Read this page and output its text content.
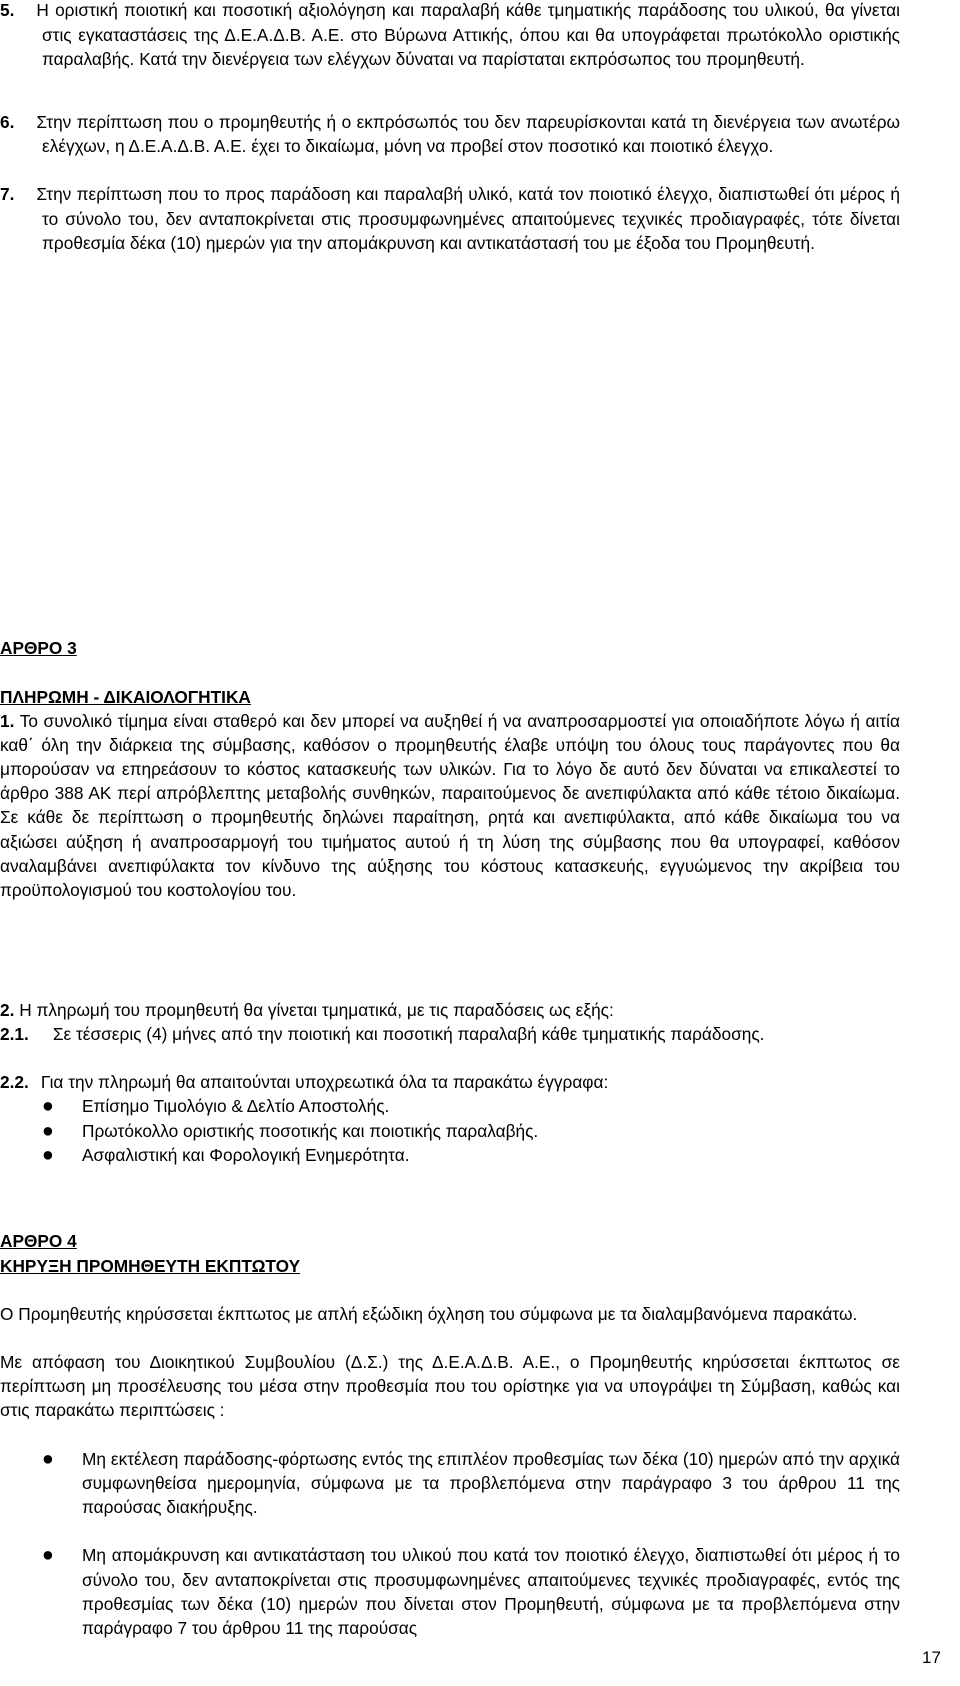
5. Η οριστική ποιοτική και ποσοτική αξιολόγηση και παραλαβή κάθε τμηματικής παράδοσης του υλικού, θα γίνεται στις εγκαταστάσεις της Δ.Ε.Α.Δ.Β. Α.Ε. στο Βύρωνα Αττικής, όπου και θα υπογράφεται πρωτόκολλο οριστικής παραλαβής. Κατά την διενέργεια των ελέγχων δύναται να παρίσταται εκπρόσωπος του προμηθευτή.

6. Στην περίπτωση που ο προμηθευτής ή ο εκπρόσωπός του δεν παρευρίσκονται κατά τη διενέργεια των ανωτέρω ελέγχων, η Δ.Ε.Α.Δ.Β. Α.Ε. έχει το δικαίωμα, μόνη να προβεί στον ποσοτικό και ποιοτικό έλεγχο.

7. Στην περίπτωση που το προς παράδοση και παραλαβή υλικό, κατά τον ποιοτικό έλεγχο, διαπιστωθεί ότι μέρος ή το σύνολο του, δεν ανταποκρίνεται στις προσυμφωνημένες απαιτούμενες τεχνικές προδιαγραφές, τότε δίνεται προθεσμία δέκα (10) ημερών για την απομάκρυνση και αντικατάστασή του με έξοδα του Προμηθευτή.

ΑΡΘΡΟ 3
ΠΛΗΡΩΜΗ - ΔΙΚΑΙΟΛΟΓΗΤΙΚΑ

1. Το συνολικό τίμημα είναι σταθερό και δεν μπορεί να αυξηθεί ή να αναπροσαρμοστεί για οποιαδήποτε λόγω ή αιτία καθ΄ όλη την διάρκεια της σύμβασης, καθόσον ο προμηθευτής έλαβε υπόψη του όλους τους παράγοντες που θα μπορούσαν να επηρεάσουν το κόστος κατασκευής των υλικών. Για το λόγο δε αυτό δεν δύναται να επικαλεστεί το άρθρο 388 ΑΚ περί απρόβλεπτης μεταβολής συνθηκών, παραιτούμενος δε ανεπιφύλακτα από κάθε τέτοιο δικαίωμα. Σε κάθε δε περίπτωση ο προμηθευτής δηλώνει παραίτηση, ρητά και ανεπιφύλακτα, από κάθε δικαίωμα του να αξιώσει αύξηση ή αναπροσαρμογή του τιμήματος αυτού ή τη λύση της σύμβασης που θα υπογραφεί, καθόσον αναλαμβάνει ανεπιφύλακτα τον κίνδυνο της αύξησης του κόστους κατασκευής, εγγυώμενος την ακρίβεια του προϋπολογισμού του κοστολογίου του.

2. Η πληρωμή του προμηθευτή θα γίνεται τμηματικά, με τις παραδόσεις ως εξής:

2.1. Σε τέσσερις (4) μήνες από την ποιοτική και ποσοτική παραλαβή κάθε τμηματικής παράδοσης.

2.2. Για την πληρωμή θα απαιτούνται υποχρεωτικά όλα τα παρακάτω έγγραφα:

● Επίσημο Τιμολόγιο & Δελτίο Αποστολής.

● Πρωτόκολλο οριστικής ποσοτικής και ποιοτικής παραλαβής.

● Ασφαλιστική και Φορολογική Ενημερότητα.

ΑΡΘΡΟ 4
ΚΗΡΥΞΗ ΠΡΟΜΗΘΕΥΤΗ ΕΚΠΤΩΤΟΥ

Ο Προμηθευτής κηρύσσεται έκπτωτος με απλή εξώδικη όχληση του σύμφωνα με τα διαλαμβανόμενα παρακάτω.

Με απόφαση του Διοικητικού Συμβουλίου (Δ.Σ.) της Δ.Ε.Α.Δ.Β. Α.Ε., ο Προμηθευτής κηρύσσεται έκπτωτος σε περίπτωση μη προσέλευσης του μέσα στην προθεσμία που του ορίστηκε για να υπογράψει τη Σύμβαση, καθώς και στις παρακάτω περιπτώσεις :

● Μη εκτέλεση παράδοσης-φόρτωσης εντός της επιπλέον προθεσμίας των δέκα (10) ημερών από την αρχικά συμφωνηθείσα ημερομηνία, σύμφωνα με τα προβλεπόμενα στην παράγραφο 3 του άρθρου 11 της παρούσας διακήρυξης.

● Μη απομάκρυνση και αντικατάσταση του υλικού που κατά τον ποιοτικό έλεγχο, διαπιστωθεί ότι μέρος ή το σύνολο του, δεν ανταποκρίνεται στις προσυμφωνημένες απαιτούμενες τεχνικές προδιαγραφές, εντός της προθεσμίας των δέκα (10) ημερών που δίνεται στον Προμηθευτή, σύμφωνα με τα προβλεπόμενα στην παράγραφο 7 του άρθρου 11 της παρούσας

17
